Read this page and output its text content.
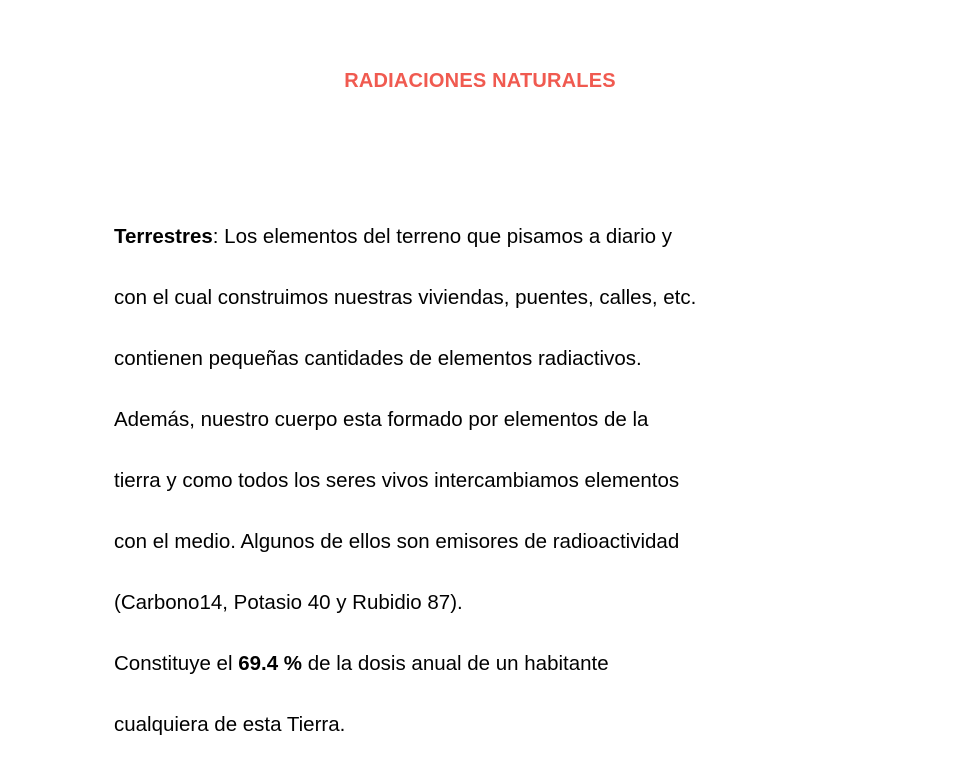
RADIACIONES NATURALES

Terrestres: Los elementos del terreno que pisamos a diario y

con el cual construimos nuestras viviendas, puentes, calles, etc.

contienen pequeñas cantidades de elementos radiactivos.

Además, nuestro cuerpo esta formado por elementos de la

tierra y como todos los seres vivos intercambiamos elementos

con el medio. Algunos de ellos son emisores de radioactividad

(Carbono14, Potasio 40 y Rubidio 87).

Constituye el 69.4 % de la dosis anual de un habitante

cualquiera de esta Tierra.
